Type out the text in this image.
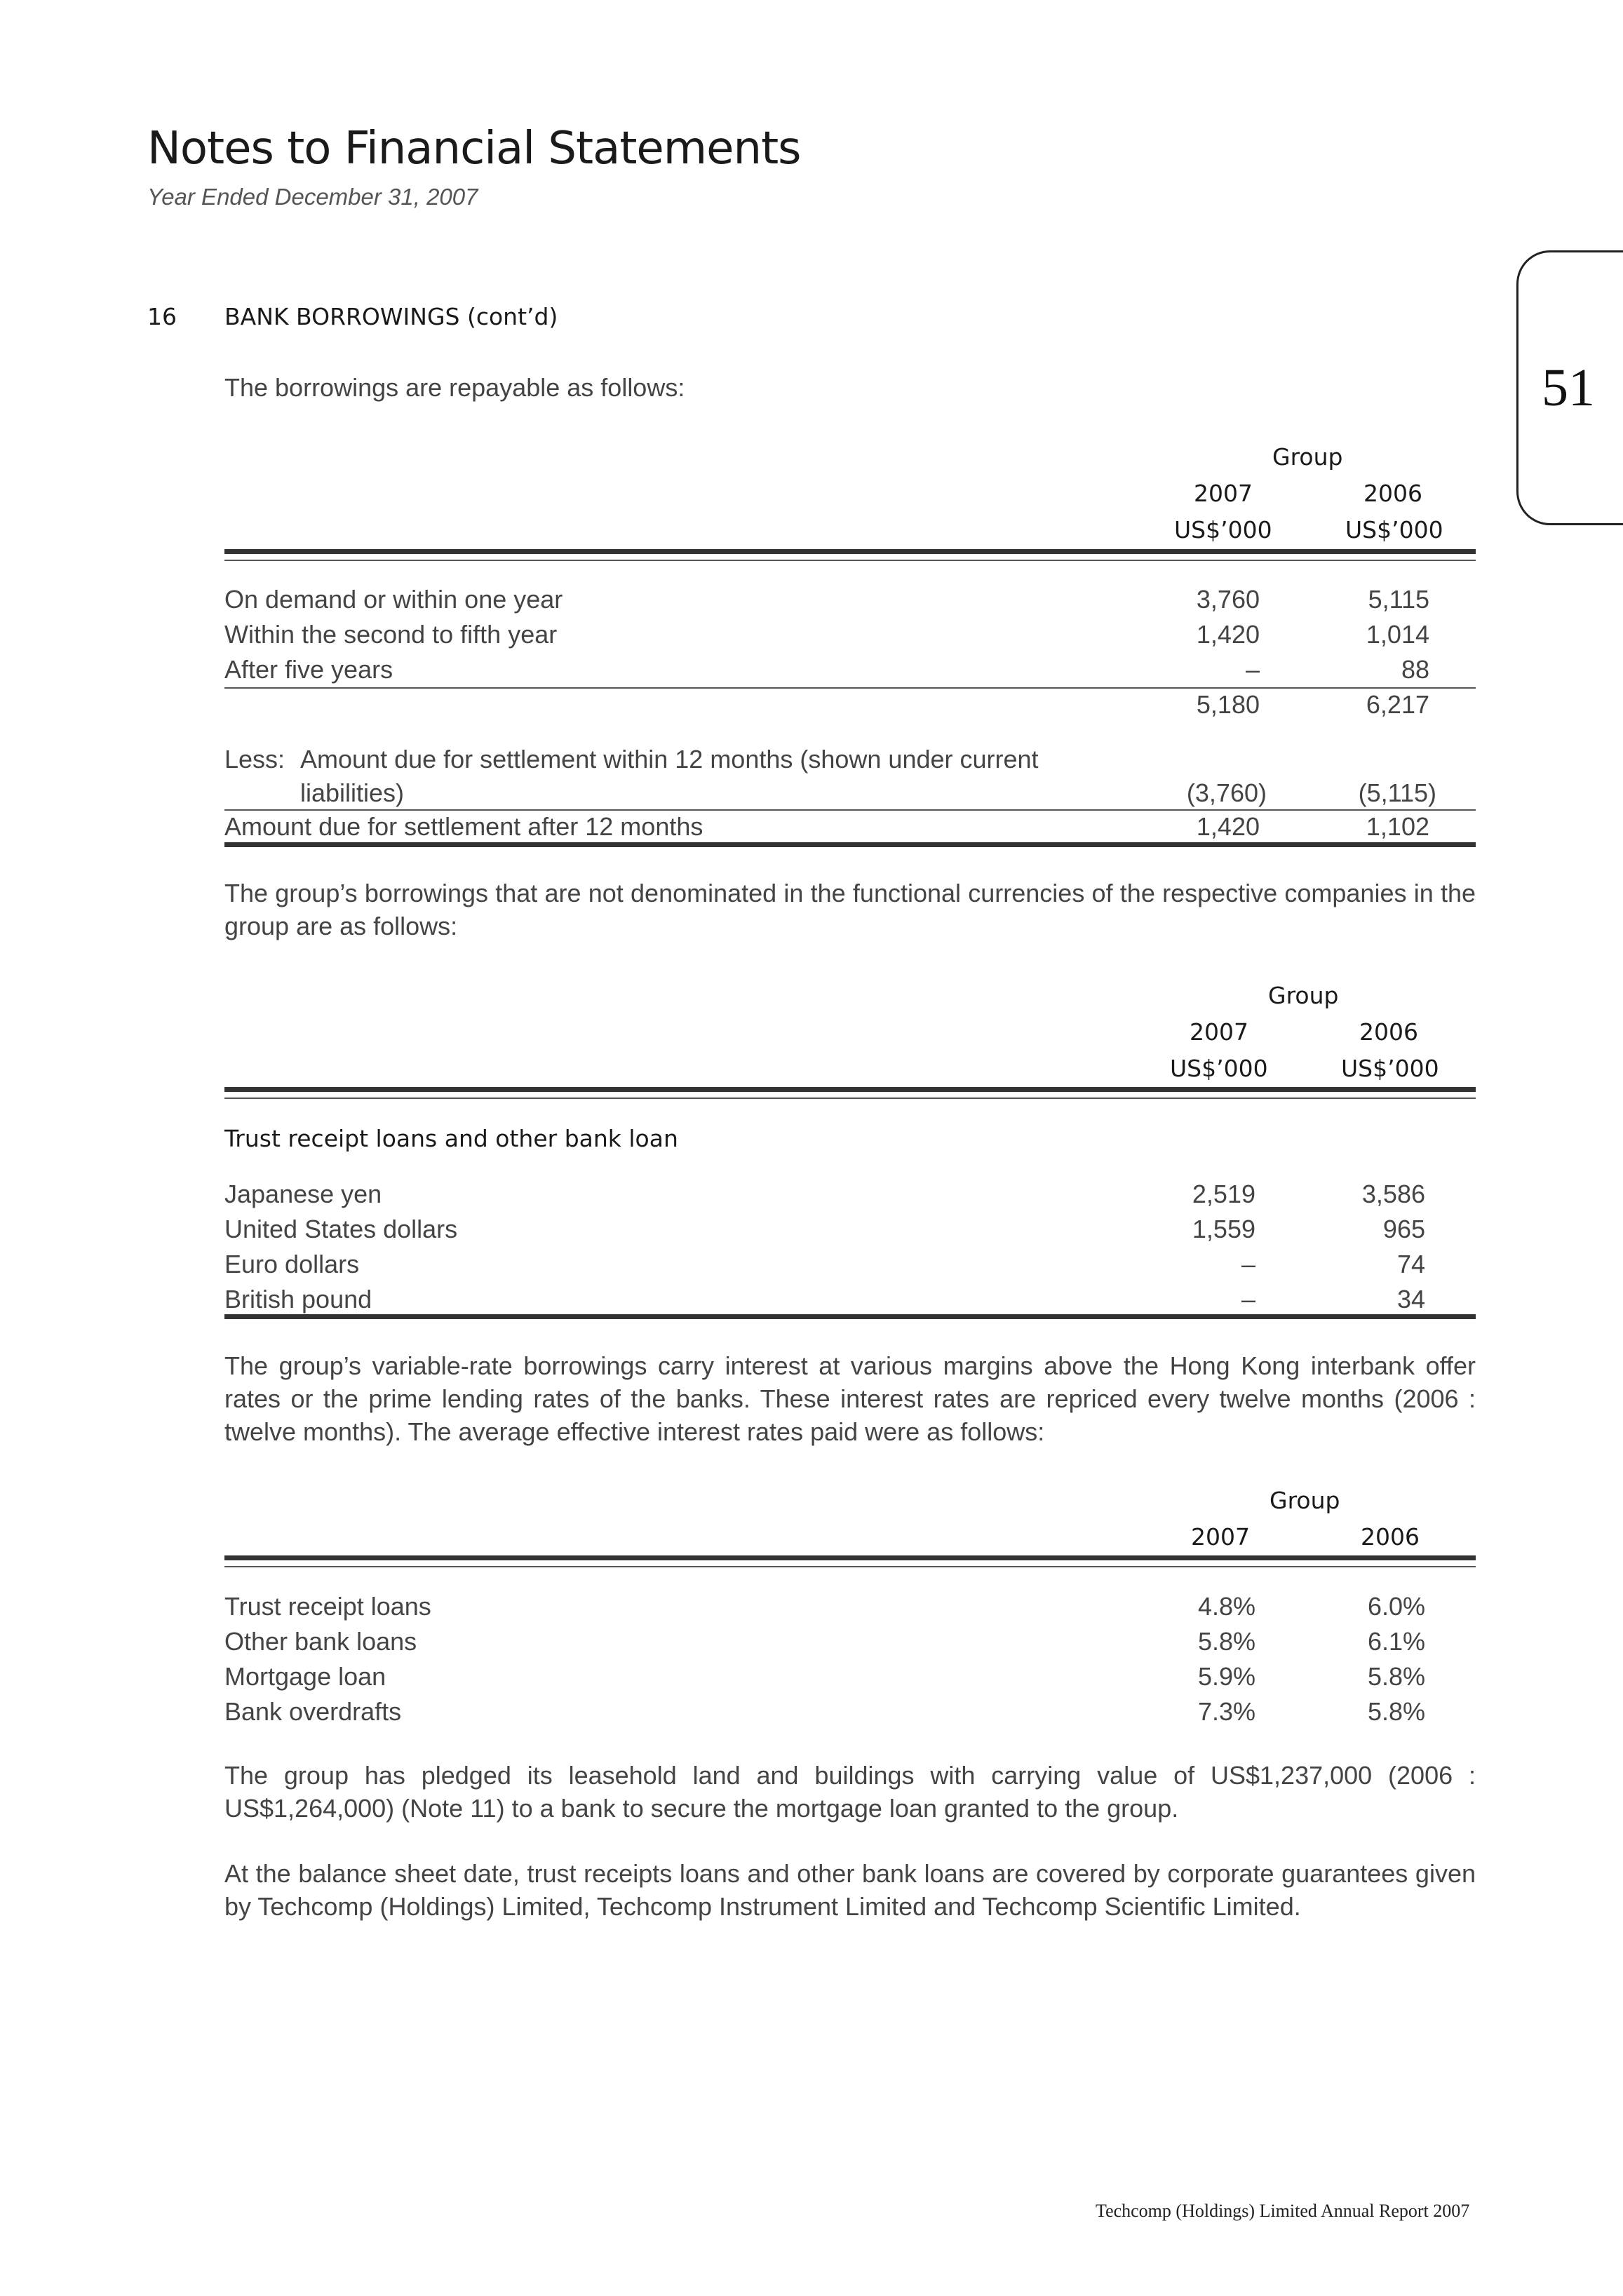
Notes to Financial Statements
Year Ended December 31, 2007
51
16 BANK BORROWINGS (cont’d)
The borrowings are repayable as follows:
Group
2007	2006
US$’000	US$’000
On demand or within one year	3,760	5,115
Within the second to fifth year	1,420	1,014
After five years	–	88
5,180	6,217
Less: Amount due for settlement within 12 months (shown under current
liabilities)	(3,760)	(5,115)
Amount due for settlement after 12 months	1,420	1,102
The group’s borrowings that are not denominated in the functional currencies of the respective companies in the group are as follows:
Group
2007	2006
US$’000	US$’000
Trust receipt loans and other bank loan
Japanese yen	2,519	3,586
United States dollars	1,559	965
Euro dollars	–	74
British pound	–	34
The group’s variable-rate borrowings carry interest at various margins above the Hong Kong interbank offer rates or the prime lending rates of the banks. These interest rates are repriced every twelve months (2006 : twelve months). The average effective interest rates paid were as follows:
Group
2007	2006
Trust receipt loans	4.8%	6.0%
Other bank loans	5.8%	6.1%
Mortgage loan	5.9%	5.8%
Bank overdrafts	7.3%	5.8%
The group has pledged its leasehold land and buildings with carrying value of US$1,237,000 (2006 : US$1,264,000) (Note 11) to a bank to secure the mortgage loan granted to the group.
At the balance sheet date, trust receipts loans and other bank loans are covered by corporate guarantees given by Techcomp (Holdings) Limited, Techcomp Instrument Limited and Techcomp Scientific Limited.
Techcomp (Holdings) Limited Annual Report 2007
